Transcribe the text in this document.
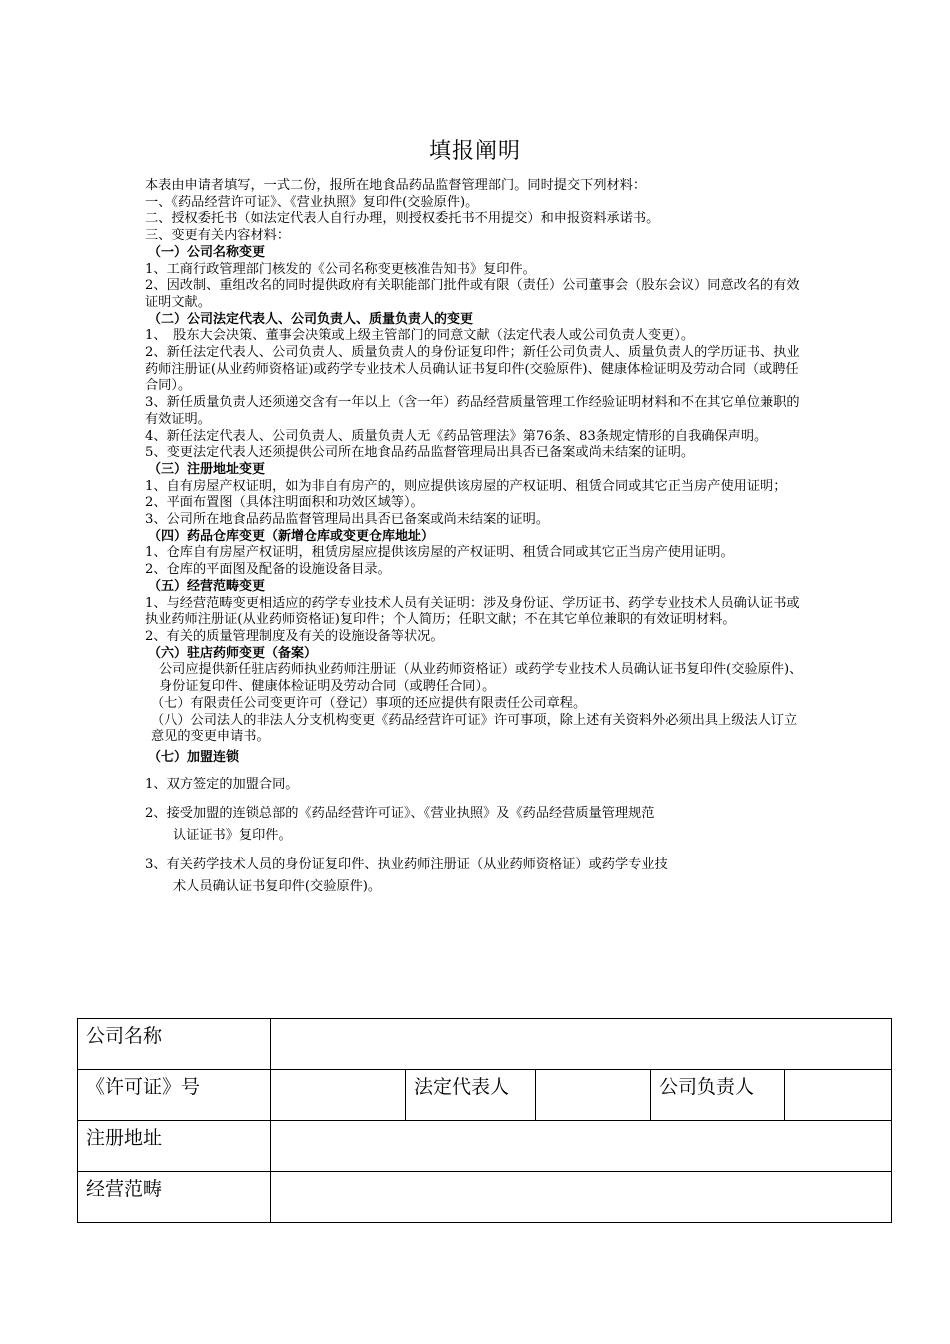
填报阐明

本表由申请者填写，一式二份，报所在地食品药品监督管理部门。同时提交下列材料：

一、《药品经营许可证》、《营业执照》复印件(交验原件)。

二、授权委托书（如法定代表人自行办理，则授权委托书不用提交）和申报资料承诺书。

三、变更有关内容材料：

（一）公司名称变更

1、工商行政管理部门核发的《公司名称变更核准告知书》复印件。

2、因改制、重组改名的同时提供政府有关职能部门批件或有限（责任）公司董事会（股东会议）同意改名的有效证明文献。

（二）公司法定代表人、公司负责人、质量负责人的变更

1、　股东大会决策、董事会决策或上级主管部门的同意文献（法定代表人或公司负责人变更）。

2、新任法定代表人、公司负责人、质量负责人的身份证复印件；新任公司负责人、质量负责人的学历证书、执业药师注册证(从业药师资格证)或药学专业技术人员确认证书复印件(交验原件)、健康体检证明及劳动合同（或聘任合同）。

3、新任质量负责人还须递交含有一年以上（含一年）药品经营质量管理工作经验证明材料和不在其它单位兼职的有效证明。

4、新任法定代表人、公司负责人、质量负责人无《药品管理法》第76条、83条规定情形的自我确保声明。

5、变更法定代表人还须提供公司所在地食品药品监督管理局出具否已备案或尚未结案的证明。

（三）注册地址变更

1、自有房屋产权证明，如为非自有房产的，则应提供该房屋的产权证明、租赁合同或其它正当房产使用证明；

2、平面布置图（具体注明面积和功效区域等）。

3、公司所在地食品药品监督管理局出具否已备案或尚未结案的证明。

（四）药品仓库变更（新增仓库或变更仓库地址）

1、仓库自有房屋产权证明，租赁房屋应提供该房屋的产权证明、租赁合同或其它正当房产使用证明。

2、仓库的平面图及配备的设施设备目录。

（五）经营范畴变更

1、与经营范畴变更相适应的药学专业技术人员有关证明：涉及身份证、学历证书、药学专业技术人员确认证书或执业药师注册证(从业药师资格证)复印件；个人简历；任职文献；不在其它单位兼职的有效证明材料。

2、有关的质量管理制度及有关的设施设备等状况。

（六）驻店药师变更（备案）

公司应提供新任驻店药师执业药师注册证（从业药师资格证）或药学专业技术人员确认证书复印件(交验原件)、身份证复印件、健康体检证明及劳动合同（或聘任合同）。

（七）有限责任公司变更许可（登记）事项的还应提供有限责任公司章程。

（八）公司法人的非法人分支机构变更《药品经营许可证》许可事项，除上述有关资料外必须出具上级法人订立意见的变更申请书。

（七）加盟连锁

1、双方签定的加盟合同。

2、接受加盟的连锁总部的《药品经营许可证》、《营业执照》及《药品经营质量管理规范
认证证书》复印件。

3、有关药学技术人员的身份证复印件、执业药师注册证（从业药师资格证）或药学专业技
术人员确认证书复印件(交验原件)。

公司名称					
《许可证》号		法定代表人		公司负责人	
注册地址					
经营范畴					
